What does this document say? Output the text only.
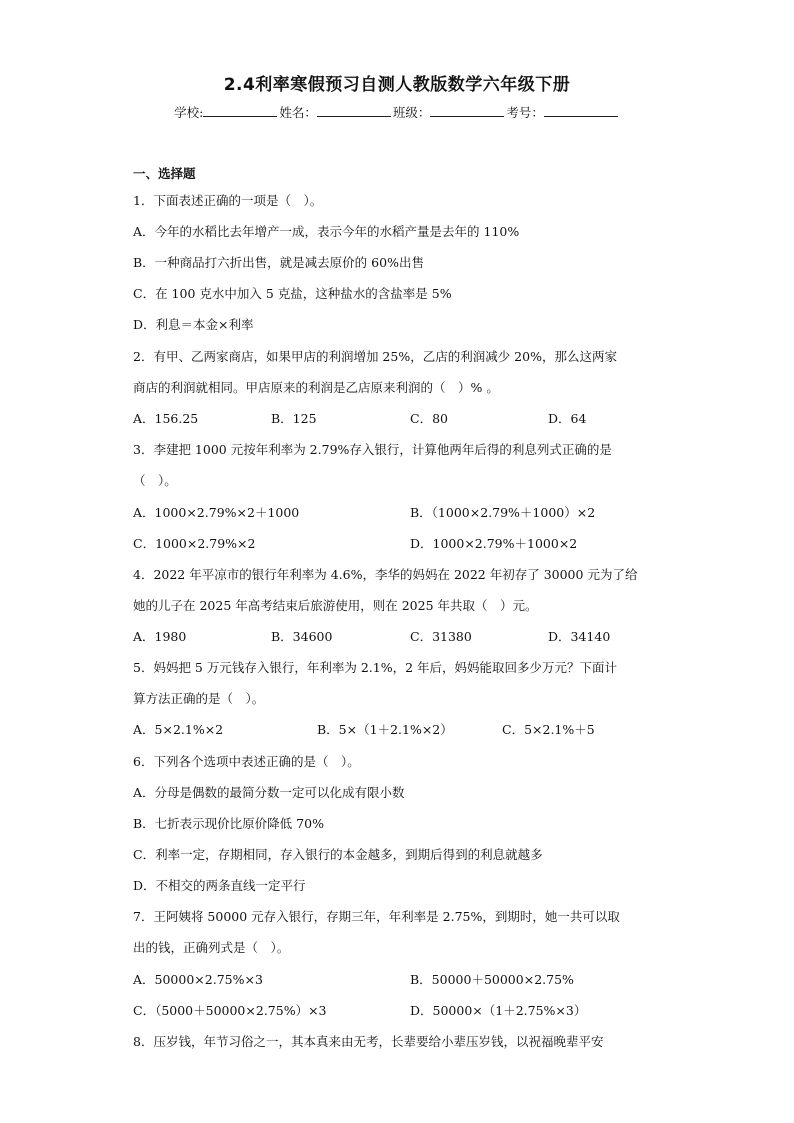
2.4利率寒假预习自测人教版数学六年级下册
学校:	姓名：	班级：	考号：
一、选择题
1．下面表述正确的一项是（　）。
A．今年的水稻比去年增产一成，表示今年的水稻产量是去年的 110%
B．一种商品打六折出售，就是减去原价的 60%出售
C．在 100 克水中加入 5 克盐，这种盐水的含盐率是 5%
D．利息＝本金×利率
2．有甲、乙两家商店，如果甲店的利润增加 25%，乙店的利润减少 20%，那么这两家
商店的利润就相同。甲店原来的利润是乙店原来利润的（　）% 。
A．156.25	B．125	C．80	D．64
3．李建把 1000 元按年利率为 2.79%存入银行，计算他两年后得的利息列式正确的是
（　）。
A．1000×2.79%×2＋1000	B．（1000×2.79%＋1000）×2
C．1000×2.79%×2	D．1000×2.79%＋1000×2
4．2022 年平凉市的银行年利率为 4.6%，李华的妈妈在 2022 年初存了 30000 元为了给
她的儿子在 2025 年高考结束后旅游使用，则在 2025 年共取（　）元。
A．1980	B．34600	C．31380	D．34140
5．妈妈把 5 万元钱存入银行，年利率为 2.1%，2 年后，妈妈能取回多少万元？下面计
算方法正确的是（　）。
A．5×2.1%×2	B．5×（1＋2.1%×2）	C．5×2.1%＋5
6．下列各个选项中表述正确的是（　）。
A．分母是偶数的最简分数一定可以化成有限小数
B．七折表示现价比原价降低 70%
C．利率一定，存期相同，存入银行的本金越多，到期后得到的利息就越多
D．不相交的两条直线一定平行
7．王阿姨将 50000 元存入银行，存期三年，年利率是 2.75%，到期时，她一共可以取
出的钱，正确列式是（　）。
A．50000×2.75%×3	B．50000＋50000×2.75%
C．（5000＋50000×2.75%）×3	D．50000×（1＋2.75%×3）
8．压岁钱，年节习俗之一，其本真来由无考，长辈要给小辈压岁钱，以祝福晚辈平安
